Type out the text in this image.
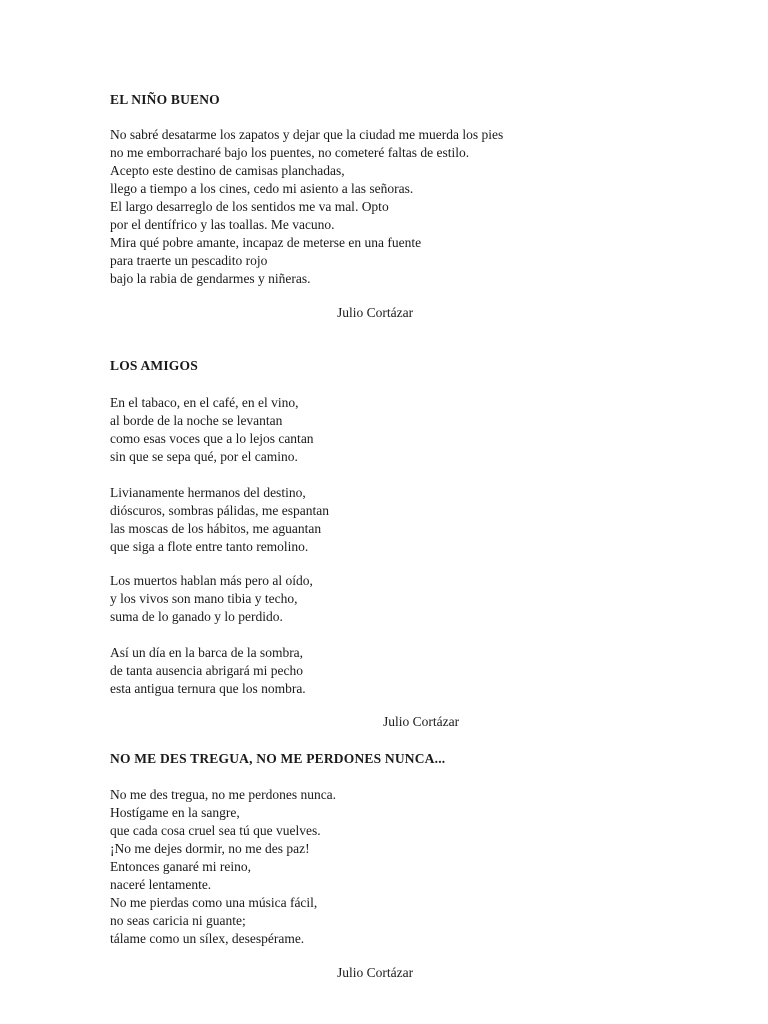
EL NIÑO BUENO
No sabré desatarme los zapatos y dejar que la ciudad me muerda los pies
no me emborracharé bajo los puentes, no cometeré faltas de estilo.
Acepto este destino de camisas planchadas,
llego a tiempo a los cines, cedo mi asiento a las señoras.
El largo desarreglo de los sentidos me va mal. Opto
por el dentífrico y las toallas. Me vacuno.
Mira qué pobre amante, incapaz de meterse en una fuente
para traerte un pescadito rojo
bajo la rabia de gendarmes y niñeras.

Julio Cortázar

LOS AMIGOS
En el tabaco, en el café, en el vino,
al borde de la noche se levantan
como esas voces que a lo lejos cantan
sin que se sepa qué, por el camino.
Livianamente hermanos del destino,
dióscuros, sombras pálidas, me espantan
las moscas de los hábitos, me aguantan
que siga a flote entre tanto remolino.
Los muertos hablan más pero al oído,
y los vivos son mano tibia y techo,
suma de lo ganado y lo perdido.
Así un día en la barca de la sombra,
de tanta ausencia abrigará mi pecho
esta antigua ternura que los nombra.

Julio Cortázar

NO ME DES TREGUA, NO ME PERDONES NUNCA...
No me des tregua, no me perdones nunca.
Hostígame en la sangre,
que cada cosa cruel sea tú que vuelves.
¡No me dejes dormir, no me des paz!
Entonces ganaré mi reino,
naceré lentamente.
No me pierdas como una música fácil,
no seas caricia ni guante;
tálame como un sílex, desespérame.

Julio Cortázar
